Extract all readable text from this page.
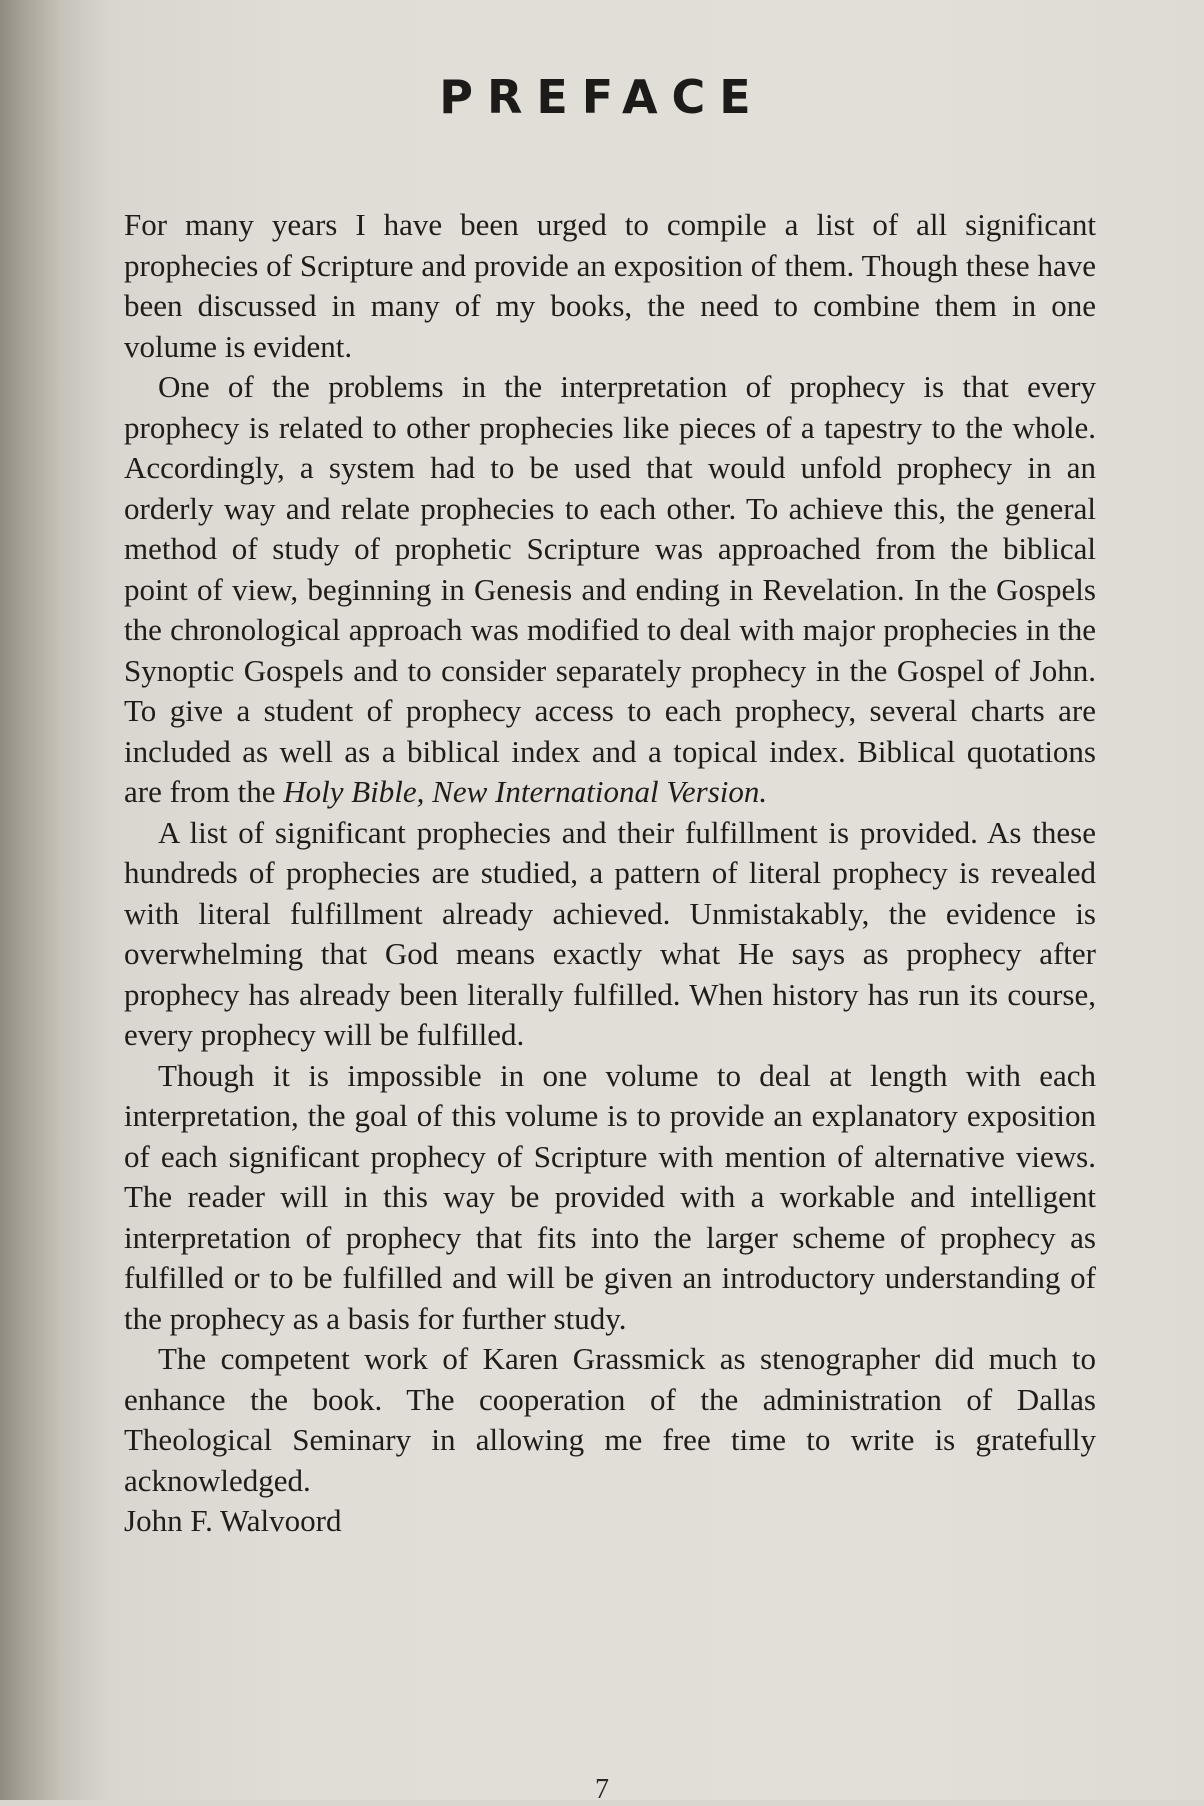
PREFACE

For many years I have been urged to compile a list of all significant prophecies of Scripture and provide an exposition of them. Though these have been discussed in many of my books, the need to combine them in one volume is evident.

One of the problems in the interpretation of prophecy is that every prophecy is related to other prophecies like pieces of a tapestry to the whole. Accordingly, a system had to be used that would unfold prophecy in an orderly way and relate prophecies to each other. To achieve this, the general method of study of prophetic Scripture was approached from the biblical point of view, beginning in Genesis and ending in Revelation. In the Gospels the chronological approach was modified to deal with major prophecies in the Synoptic Gospels and to consider separately prophecy in the Gospel of John. To give a student of prophecy access to each prophecy, several charts are included as well as a biblical index and a topical index. Biblical quotations are from the Holy Bible, New International Version.

A list of significant prophecies and their fulfillment is provided. As these hundreds of prophecies are studied, a pattern of literal prophecy is revealed with literal fulfillment already achieved. Unmistakably, the evidence is overwhelming that God means exactly what He says as prophecy after prophecy has already been literally fulfilled. When history has run its course, every prophecy will be fulfilled.

Though it is impossible in one volume to deal at length with each interpretation, the goal of this volume is to provide an explanatory exposition of each significant prophecy of Scripture with mention of alternative views. The reader will in this way be provided with a workable and intelligent interpretation of prophecy that fits into the larger scheme of prophecy as fulfilled or to be fulfilled and will be given an introductory understanding of the prophecy as a basis for further study.

The competent work of Karen Grassmick as stenographer did much to enhance the book. The cooperation of the administration of Dallas Theological Seminary in allowing me free time to write is gratefully acknowledged.

John F. Walvoord
7
